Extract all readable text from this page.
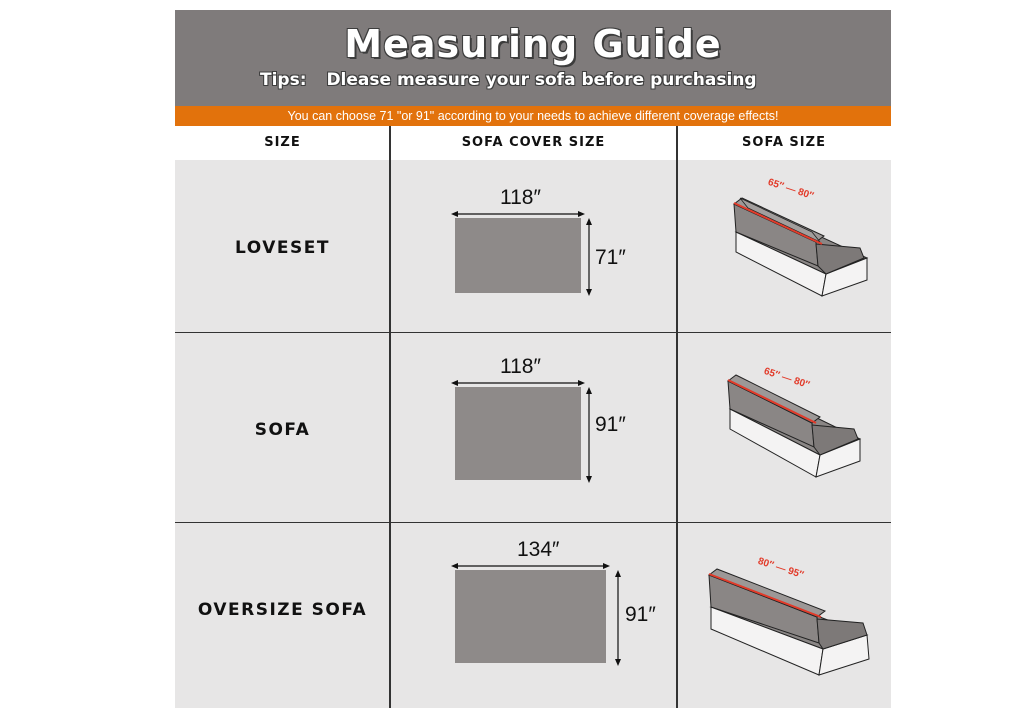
Measuring Guide
Tips: Dlease measure your sofa before purchasing
You can choose 71 "or 91" according to your needs to achieve different coverage effects!
SIZE	SOFA COVER SIZE	SOFA SIZE
LOVESET
118″
71″
65″ — 80″
SOFA
118″
91″
65″ — 80″
OVERSIZE SOFA
134″
91″
80″ — 95″
